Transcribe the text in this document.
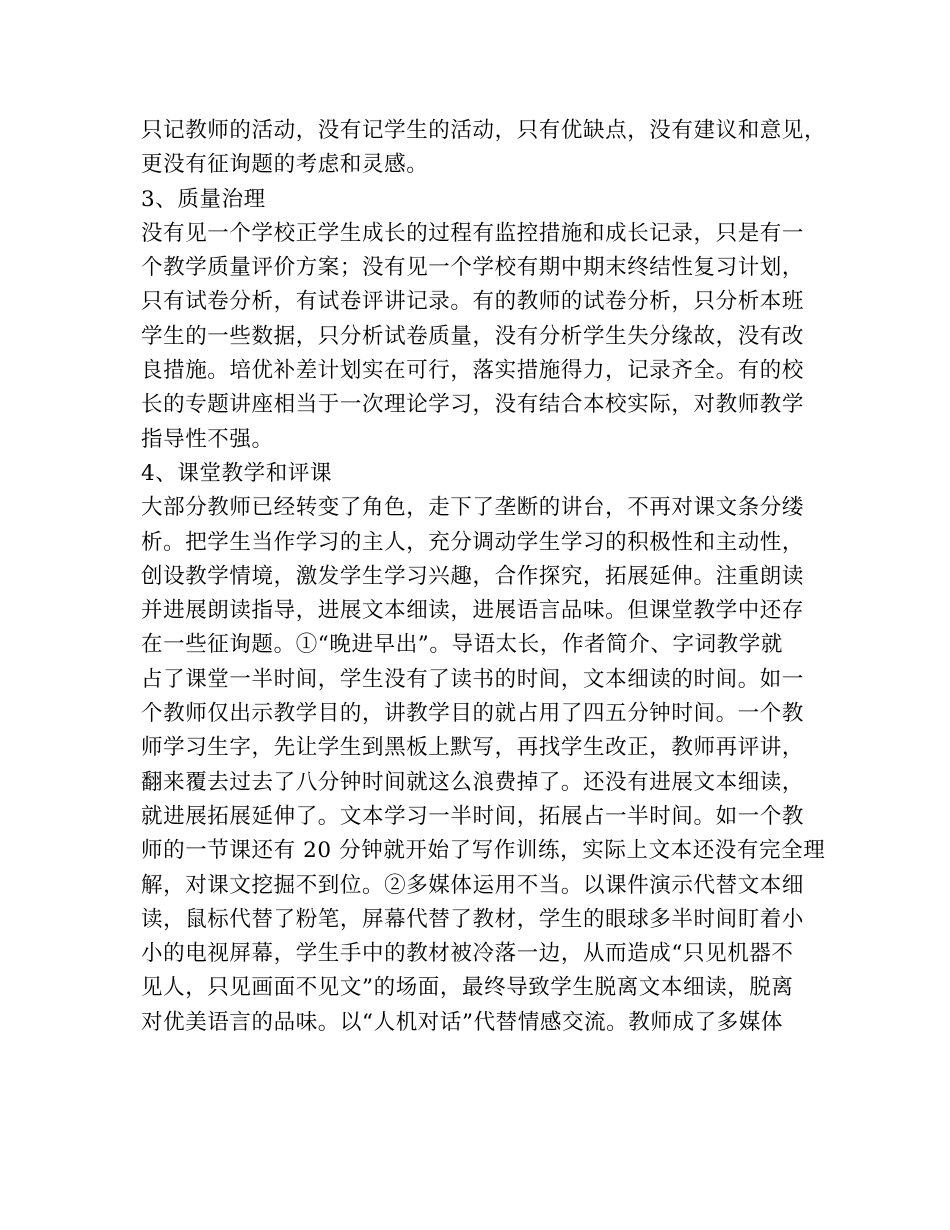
只记教师的活动，没有记学生的活动，只有优缺点，没有建议和意见，
更没有征询题的考虑和灵感。
3、质量治理
没有见一个学校正学生成长的过程有监控措施和成长记录，只是有一
个教学质量评价方案；没有见一个学校有期中期末终结性复习计划，
只有试卷分析，有试卷评讲记录。有的教师的试卷分析，只分析本班
学生的一些数据，只分析试卷质量，没有分析学生失分缘故，没有改
良措施。培优补差计划实在可行，落实措施得力，记录齐全。有的校
长的专题讲座相当于一次理论学习，没有结合本校实际，对教师教学
指导性不强。
4、课堂教学和评课
大部分教师已经转变了角色，走下了垄断的讲台，不再对课文条分缕
析。把学生当作学习的主人，充分调动学生学习的积极性和主动性，
创设教学情境，激发学生学习兴趣，合作探究，拓展延伸。注重朗读
并进展朗读指导，进展文本细读，进展语言品味。但课堂教学中还存
在一些征询题。①“晚进早出”。导语太长，作者简介、字词教学就
占了课堂一半时间，学生没有了读书的时间，文本细读的时间。如一
个教师仅出示教学目的，讲教学目的就占用了四五分钟时间。一个教
师学习生字，先让学生到黑板上默写，再找学生改正，教师再评讲，
翻来覆去过去了八分钟时间就这么浪费掉了。还没有进展文本细读，
就进展拓展延伸了。文本学习一半时间，拓展占一半时间。如一个教
师的一节课还有 20 分钟就开始了写作训练，实际上文本还没有完全理
解，对课文挖掘不到位。②多媒体运用不当。以课件演示代替文本细
读，鼠标代替了粉笔，屏幕代替了教材，学生的眼球多半时间盯着小
小的电视屏幕，学生手中的教材被冷落一边，从而造成“只见机器不
见人，只见画面不见文”的场面，最终导致学生脱离文本细读，脱离
对优美语言的品味。以“人机对话”代替情感交流。教师成了多媒体
